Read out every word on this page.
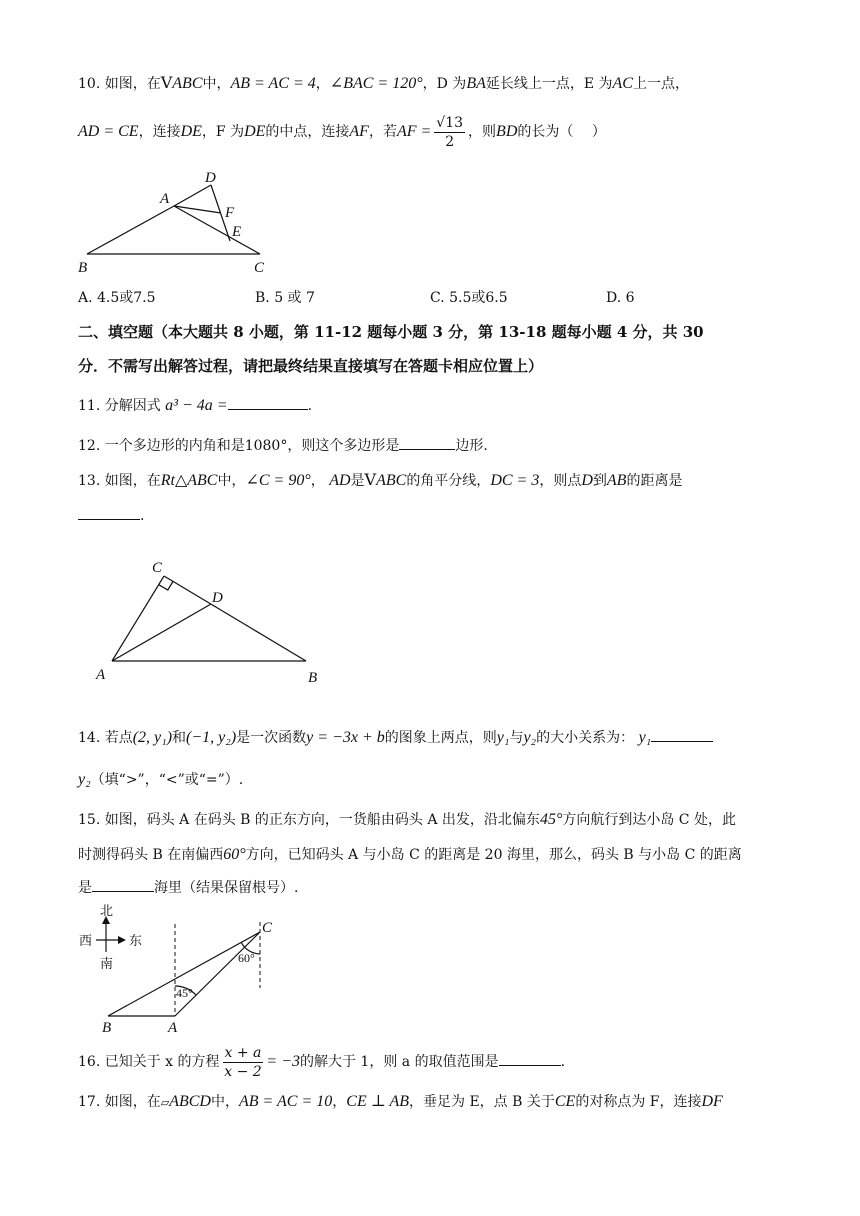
10. 如图，在VABC中，AB = AC = 4，∠BAC = 120°，D 为BA延长线上一点，E 为AC上一点，
AD = CE，连接DE，F 为DE的中点，连接AF，若AF = $\frac{√13}{2}$ ，则BD的长为（　 ）
D
A
F
E
B	C
A. 4.5或7.5	B. 5 或 7	C. 5.5或6.5	D. 6
二、填空题（本大题共 8 小题，第 11-12 题每小题 3 分，第 13-18 题每小题 4 分，共 30
分．不需写出解答过程，请把最终结果直接填写在答题卡相应位置上）
11. 分解因式 a³ − 4a =	.
12. 一个多边形的内角和是1080°，则这个多边形是	边形.
13. 如图，在Rt△ABC中，∠C = 90°， AD是VABC的角平分线，DC = 3，则点D到AB的距离是
.
C
D
A	B
14. 若点(2, y₁)和(−1, y₂)是一次函数y = −3x + b的图象上两点，则y₁与y₂的大小关系为： y₁
y₂（填“>”，“<”或“=”）.
15. 如图，码头 A 在码头 B 的正东方向，一货船由码头 A 出发，沿北偏东45°方向航行到达小岛 C 处，此
时测得码头 B 在南偏西60°方向，已知码头 A 与小岛 C 的距离是 20 海里，那么，码头 B 与小岛 C 的距离
是	海里（结果保留根号）.
北
西	东
南
C
B	A
60°
45°
16. 已知关于 x 的方程 $\frac{x + a}{x - 2} = -3$的解大于 1，则 a 的取值范围是	.
17. 如图，在▱ABCD中，AB = AC = 10，CE ⊥ AB，垂足为 E，点 B 关于CE的对称点为 F，连接DF
